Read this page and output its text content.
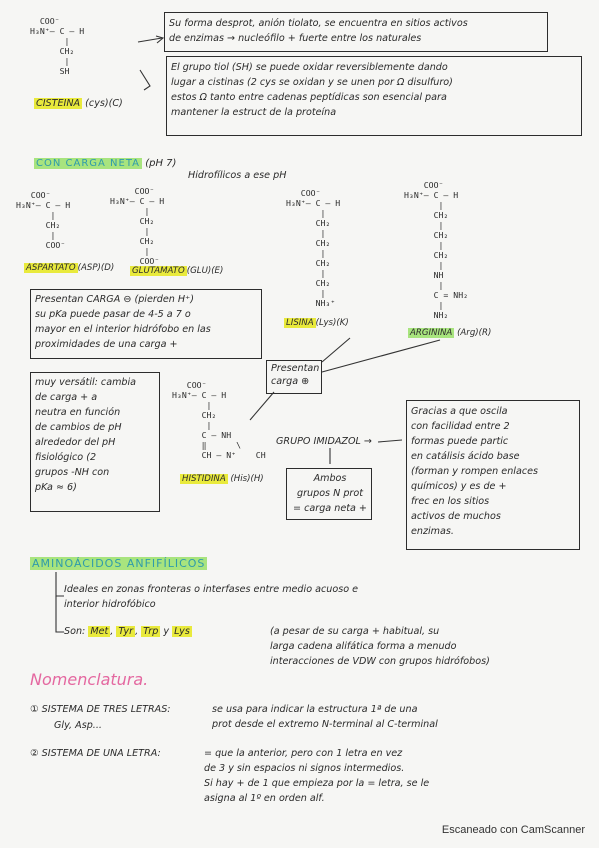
COO⁻
H₃N⁺– C – H
|
CH₂
|
SH
CISTEINA (cys)(C)
Su forma desprot, anión tiolato, se encuentra en sitios activos
de enzimas → nucleófilo + fuerte entre los naturales
El grupo tiol (SH) se puede oxidar reversiblemente dando
lugar a cistinas (2 cys se oxidan y se unen por Ω disulfuro)
estos Ω tanto entre cadenas peptídicas son esencial para
mantener la estruct de la proteína
CON CARGA NETA (pH 7)
Hidrofílicos a ese pH
COO⁻
H₃N⁺– C – H
|
CH₂
|
COO⁻
ASPARTATO (ASP)(D)
COO⁻
H₃N⁺– C – H
|
CH₂
|
CH₂
|
COO⁻
GLUTAMATO (GLU)(E)
COO⁻
H₃N⁺– C – H
|
CH₂
|
CH₂
|
CH₂
|
CH₂
|
NH₃⁺
LISINA (Lys)(K)
COO⁻
H₃N⁺– C – H
|
CH₂
|
CH₂
|
CH₂
|
NH
|
C = NH₂
|
NH₂
ARGININA (Arg)(R)
Presentan CARGA ⊖ (pierden H⁺)
su pKa puede pasar de 4-5 a 7 o
mayor en el interior hidrófobo en las
proximidades de una carga +
Presentan
carga ⊕
muy versátil: cambia
de carga + a
neutra en función
de cambios de pH
alrededor del pH
fisiológico (2
grupos -NH con
pKa ≈ 6)
COO⁻
H₃N⁺– C – H
|
CH₂
|
C – NH
‖      \
CH – N⁺    CH
HISTIDINA (His)(H)
GRUPO IMIDAZOL →
Ambos
grupos N prot
= carga neta +
Gracias a que oscila
con facilidad entre 2
formas puede partic
en catálisis ácido base
(forman y rompen enlaces
químicos) y es de +
frec en los sitios
activos de muchos
enzimas.
AMINOÁCIDOS ANFIFÍLICOS
Ideales en zonas fronteras o interfases entre medio acuoso e
interior hidrofóbico
Son: Met , Tyr , Trp y Lys	(a pesar de su carga + habitual, su
larga cadena alifática forma a menudo
interacciones de VDW con grupos hidrófobos)
Nomenclatura.
① SISTEMA DE TRES LETRAS:	se usa para indicar la estructura 1ª de una
prot desde el extremo N-terminal al C-terminal
Gly, Asp...
② SISTEMA DE UNA LETRA:	= que la anterior, pero con 1 letra en vez
de 3 y sin espacios ni signos intermedios.
Si hay + de 1 que empieza por la = letra, se le
asigna al 1º en orden alf.
Escaneado con CamScanner
